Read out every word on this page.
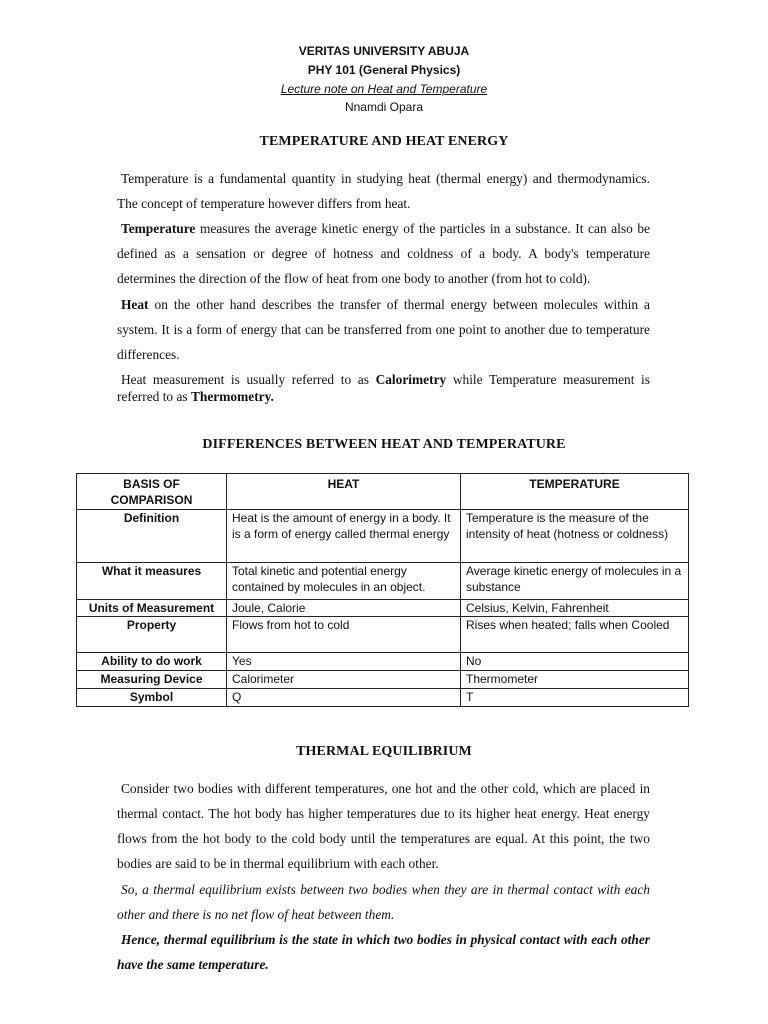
VERITAS UNIVERSITY ABUJA
PHY 101 (General Physics)
Lecture note on Heat and Temperature
Nnamdi Opara
TEMPERATURE AND HEAT ENERGY

Temperature is a fundamental quantity in studying heat (thermal energy) and thermodynamics. The concept of temperature however differs from heat.

Temperature measures the average kinetic energy of the particles in a substance. It can also be defined as a sensation or degree of hotness and coldness of a body. A body's temperature determines the direction of the flow of heat from one body to another (from hot to cold).

Heat on the other hand describes the transfer of thermal energy between molecules within a system. It is a form of energy that can be transferred from one point to another due to temperature differences.

Heat measurement is usually referred to as Calorimetry while Temperature measurement is referred to as Thermometry.

DIFFERENCES BETWEEN HEAT AND TEMPERATURE
BASIS OF COMPARISON	HEAT	TEMPERATURE
Definition	Heat is the amount of energy in a body. It is a form of energy called thermal energy	Temperature is the measure of the intensity of heat (hotness or coldness)
What it measures	Total kinetic and potential energy contained by molecules in an object.	Average kinetic energy of molecules in a substance
Units of Measurement	Joule, Calorie	Celsius, Kelvin, Fahrenheit
Property	Flows from hot to cold	Rises when heated; falls when Cooled
Ability to do work	Yes	No
Measuring Device	Calorimeter	Thermometer
Symbol	Q	T
THERMAL EQUILIBRIUM

Consider two bodies with different temperatures, one hot and the other cold, which are placed in thermal contact. The hot body has higher temperatures due to its higher heat energy. Heat energy flows from the hot body to the cold body until the temperatures are equal. At this point, the two bodies are said to be in thermal equilibrium with each other.

So, a thermal equilibrium exists between two bodies when they are in thermal contact with each other and there is no net flow of heat between them.

Hence, thermal equilibrium is the state in which two bodies in physical contact with each other have the same temperature.
